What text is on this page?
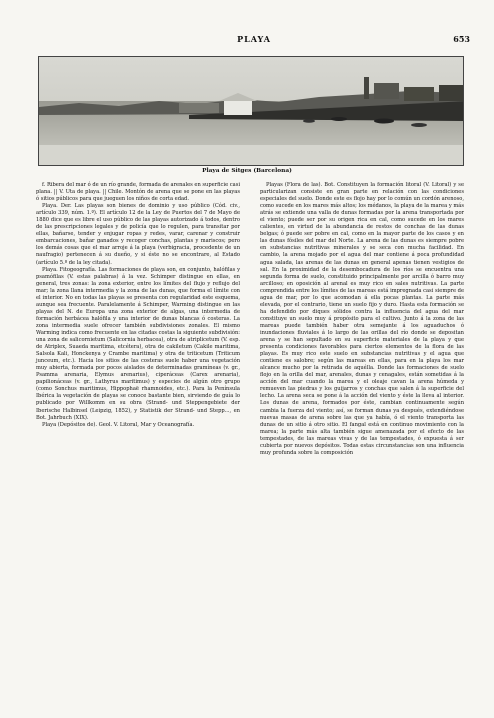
PLAYA	653
Playa de Sitges (Barcelona)

f. Ribera del mar ó de un río grande, formada de arenales en superficie casi plana. || V. Uta de playa. || Chile. Montón de arena que se pone en las playas ó sitios públicos para que jueguen los niños de corta edad.

Playa. Der. Las playas son bienes de dominio y uso público (Cód. civ., artículo 339, núm. 1.º). El artículo 12 de la Ley de Puertos del 7 de Mayo de 1880 dice que es libre el uso público de las playas autorizado á todos, dentro de las prescripciones legales y de policía que lo regulen, para transitar por ellas, bañarse, tender y enjugar ropas y redes, varar, carenar y construir embarcaciones, bañar ganados y recoger conchas, plantas y mariscos; pero los demás cosas que el mar arroje á la playa (verbigracia, procedente de un naufragio) pertenecen á su dueño, y si éste no se encontrare, al Estado (artículo 5.º de la ley citada).

Playa. Fitogeografía. Las formaciones de playa son, en conjunto, halófilas y psamófilas (V. estas palabras) á la vez. Schimper distingue en ellas, en general, tres zonas: la zona exterior, entre los límites del flujo y reflujo del mar; la zona llana intermedia y la zona de las dunas, que forma el límite con el interior. No en todas las playas se presenta con regularidad este esquema, aunque sea frecuente. Paralelamente á Schimper, Warming distingue en las playas del N. de Europa una zona exterior de algas, una intermedia de formación herbácea halófila y una interior de dunas blancas ó costeras. La zona intermedia suele ofrecer también subdivisiones zonales. El mismo Warming indica como frecuente en las citadas costas la siguiente subdivisión: una zona de salicornietum (Salicornia herbacea), otra de atriplicetum (V. esp. de Atriplex, Suaeda maritima, etcétera), otra de cakiletum (Cakile maritima, Salsola Kali, Honckenya y Crambe maritima) y otra de triticetum (Triticum junceum, etc.). Hacia los sitios de las costeras suele haber una vegetación muy abierta, formada por pocos aislados de determinadas gramíneas (v. gr., Psamma arenaria, Elymus arenarius), ciperáceas (Carex arenaria), papilionáceas (v. gr., Lathyrus maritimus) y especies de algún otro grupo (como Sonchus maritimus, Hippophaë rhamnoides, etc.). Para la Península Ibérica la vegetación de playas se conoce bastante bien, sirviendo de guía lo publicado por Willkomm en su obra (Strand- und Steppengebiete der Iberische Halbinsel (Leipzig, 1852), y Statistik der Strand- und Stepp..., en Bot. Jahrbuch (XIX).

Playa (Depósitos de). Geol. V. Litoral, Mar y Oceanografía.

Playas (Flora de las). Bot. Constituyen la formación litoral (V. Litoral) y se particularizan consiste en gran parte en relación con las condiciones especiales del suelo. Donde este es flojo hay por lo común un cordón arenoso, como sucede en los mares más altos; los médanos, la playa de la marea y más atrás se extiende una valla de dunas formadas por la arena transportada por el viento; puede ser por su origen rica en cal, como sucede en los mares calientes, en virtud de la abundancia de restos de conchas de las dunas belgas; ó puede ser pobre en cal, como en la mayor parte de los casos y en las dunas fósiles del mar del Norte. La arena de las dunas es siempre pobre en substancias nutritivas minerales y se seca con mucha facilidad. En cambio, la arena mojado por el agua del mar contiene á poca profundidad agua salada, las arenas de las dunas en general apenas tienen vestigios de sal. En la proximidad de la desembocadura de los ríos se encuentra una segunda forma de suelo, constituido principalmente por arcilla ó barro muy arcilloso; en oposición al arenal es muy rico en sales nutritivas. La parte comprendida entre los límites de las mareas está impregnada casi siempre de agua de mar, por lo que acomodan á ella pocas plantas. La parte más elevada, por el contrario, tiene un suelo fijo y duro. Hasta esta formación se ha defendido por diques sólidos contra la influencia del agua del mar constituye un suelo muy á propósito para el cultivo. Junto á la zona de las mareas puede también haber otra semejante á los aguaduchos ó inundaciones fluviales á lo largo de las orillas del río donde se depositan arena y se han sepultado en su superficie materiales de la playa y que presenta condiciones favorables para ciertos elementos de la flora de las playas. Es muy rico este suelo en substancias nutritivas y el agua que contiene es salobre; según las mareas en ellas, para en la playa los mar alcance mucho por la retirada de aquélla. Donde las formaciones de suelo flojo en la orilla del mar, arenales, dunas y cenagales, están sometidas á la acción del mar cuando la marea y el oleaje cavan la arena húmeda y remueven las piedras y los guijarros y conchas que salen á la superficie del lecho. La arena seca se pone á la acción del viento y éste la lleva al interior. Los dunas de arena, formados por éste, cambian continuamente según cambia la fuerza del viento; así, se forman dunas ya después, extendiéndose nuevas masas de arena sobre las que ya había, ó el viento transporta las dunas de un sitio á otro sitio. El fangal está en continuo movimiento con la marea; la parte más alta también sigue amenazada por el efecto de las tempestades, de las mareas vivas y de las tempestades, ó expuesta á ser cubierta por nuevos depósitos. Todas estas circunstancias son una influencia muy profunda sobre la composición
